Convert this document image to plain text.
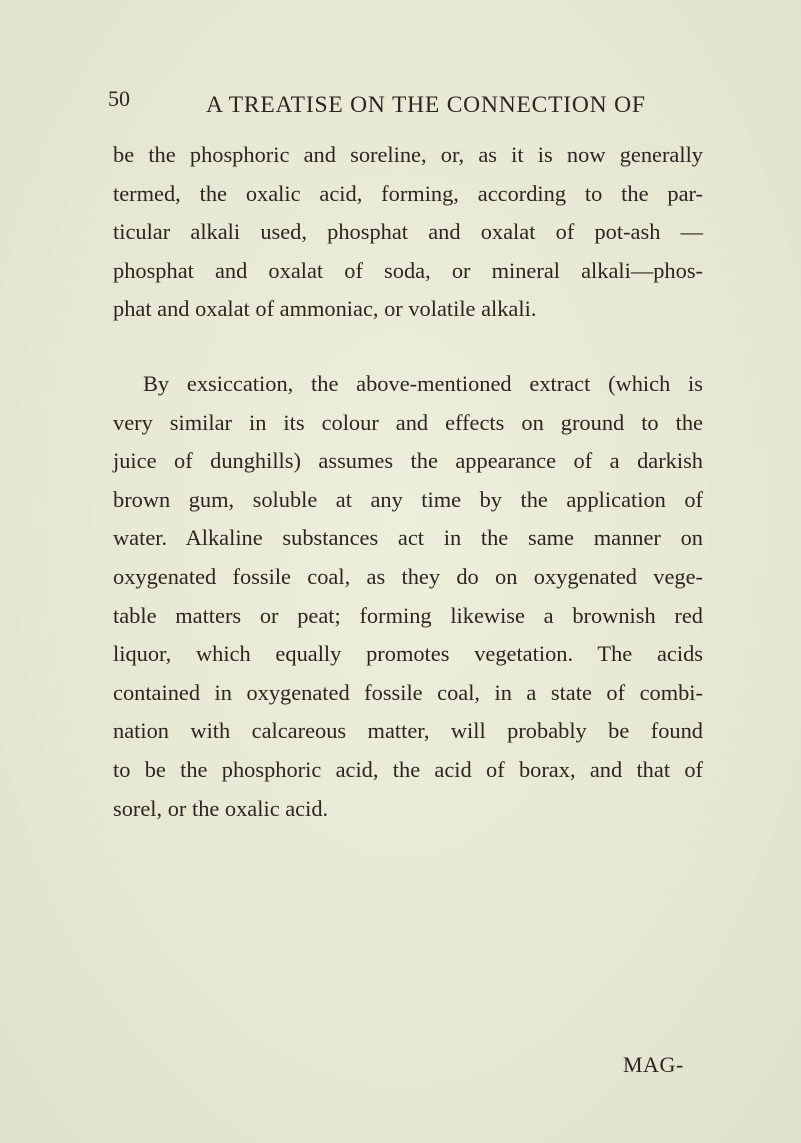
50	A TREATISE ON THE CONNECTION OF
be the phosphoric and soreline, or, as it is now generally
termed, the oxalic acid, forming, according to the par-
ticular alkali used, phosphat and oxalat of pot-ash —
phosphat and oxalat of soda, or mineral alkali—phos-
phat and oxalat of ammoniac, or volatile alkali.
By exsiccation, the above-mentioned extract (which is
very similar in its colour and effects on ground to the
juice of dunghills) assumes the appearance of a darkish
brown gum, soluble at any time by the application of
water. Alkaline substances act in the same manner on
oxygenated fossile coal, as they do on oxygenated vege-
table matters or peat; forming likewise a brownish red
liquor, which equally promotes vegetation. The acids
contained in oxygenated fossile coal, in a state of combi-
nation with calcareous matter, will probably be found
to be the phosphoric acid, the acid of borax, and that of
sorel, or the oxalic acid.
MAG-
